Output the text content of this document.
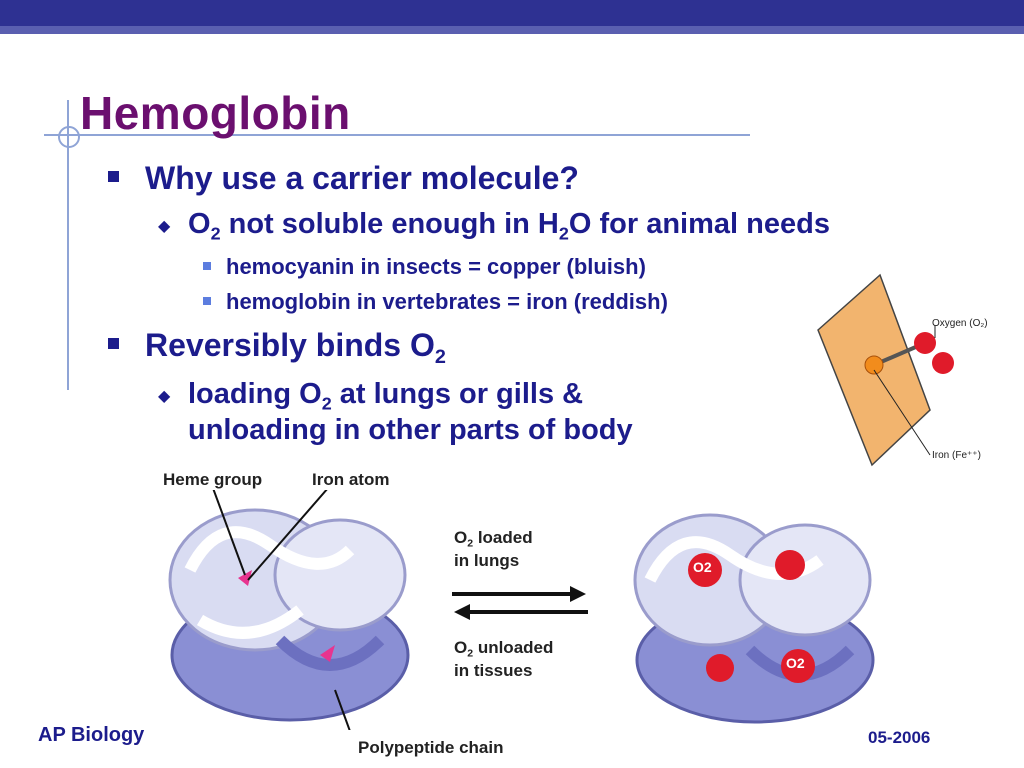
Hemoglobin
Why use a carrier molecule?
◆ $O_2$ not soluble enough in $H_2O$ for animal needs
hemocyanin in insects = copper (bluish)
hemoglobin in vertebrates = iron (reddish)
Reversibly binds $O_2$
◆ loading $O_2$ at lungs or gills &
unloading in other parts of body
Oxygen (O₂)
Iron (Fe⁺⁺)
Heme group	Iron atom
$O_2$ loaded
in lungs
$O_2$ unloaded
in tissues
O2
O2
Polypeptide chain
AP Biology	05-2006
